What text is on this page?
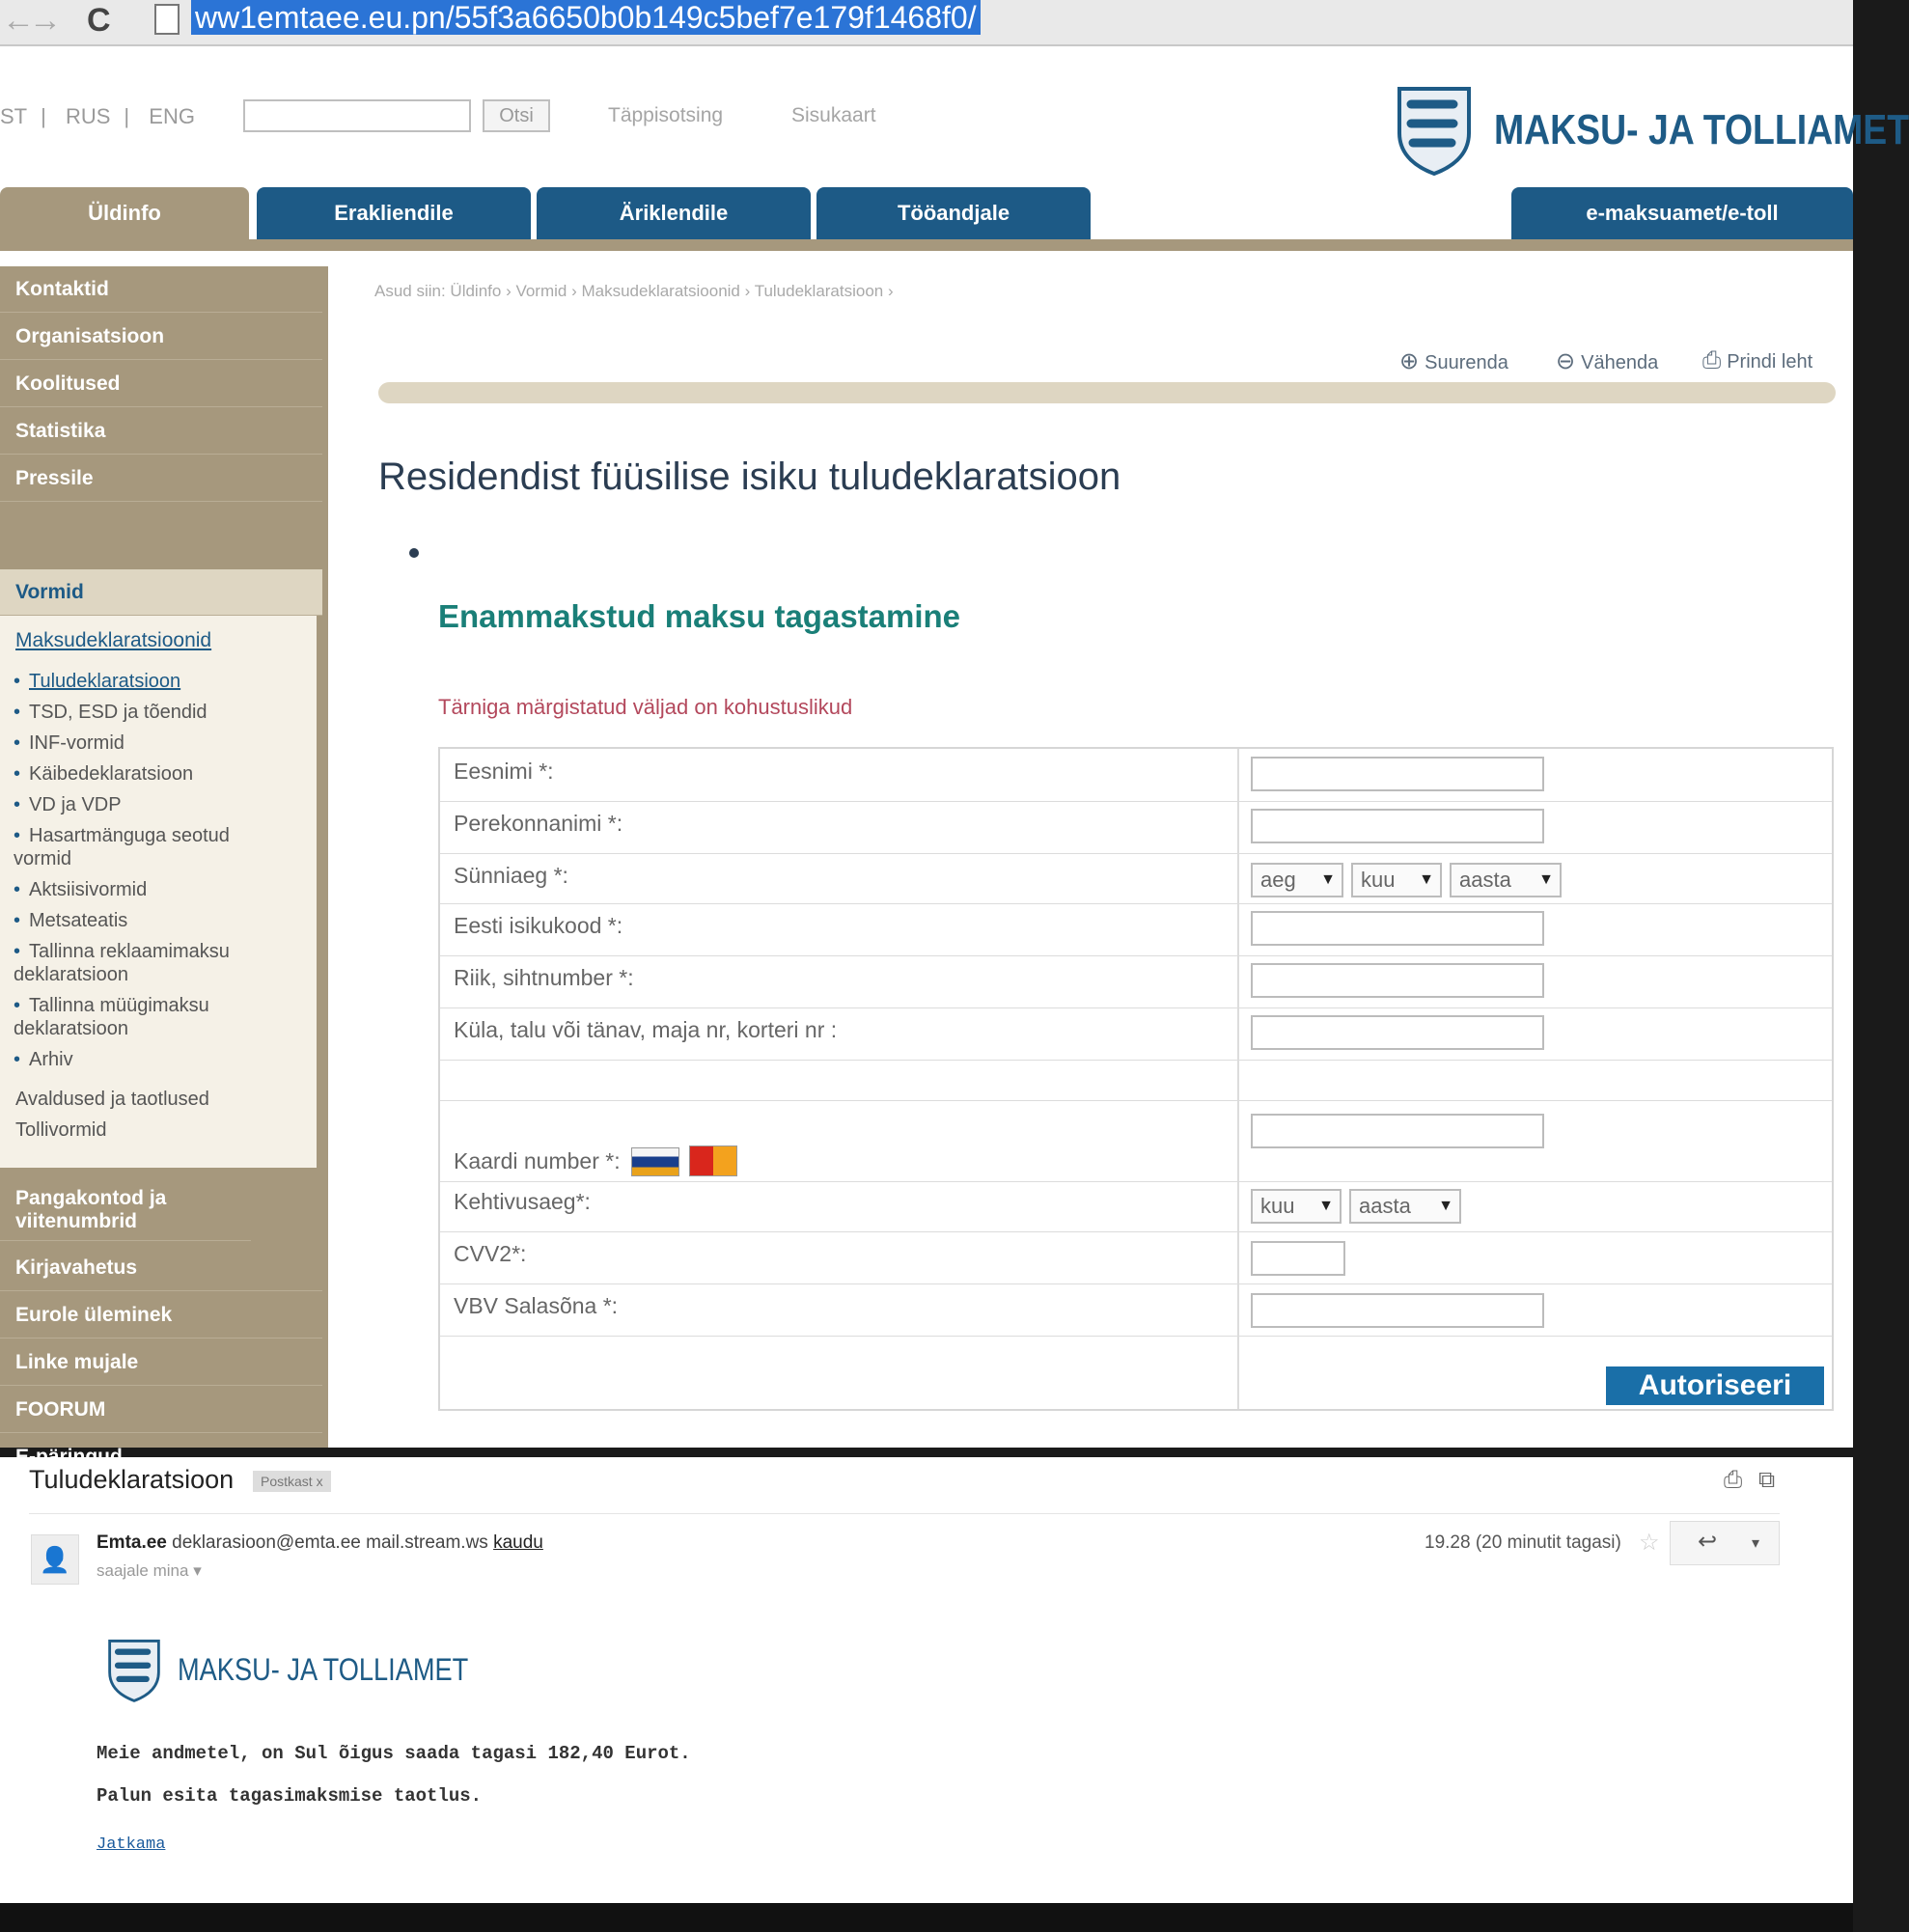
←
→ C	ww1emtaee.eu.pn/55f3a6650b0b149c5bef7e179f1468f0/
ST | RUS | ENG	Otsi	Täppisotsing	Sisukaart	MAKSU- JA TOLLIAMET
Üldinfo	Erakliendile	Äriklendile	Tööandjale	e-maksuamet/e-toll
Kontaktid
Organisatsioon
Koolitused
Statistika
Pressile
Vormid
Maksudeklaratsioonid
• Tuludeklaratsioon
• TSD, ESD ja tõendid
• INF-vormid
• Käibedeklaratsioon
• VD ja VDP
• Hasartmänguga seotud vormid
• Aktsiisivormid
• Metsateatis
• Tallinna reklaamimaksu deklaratsioon
• Tallinna müügimaksu deklaratsioon
• Arhiv
Avaldused ja taotlused
Tollivormid
Pangakontod ja viitenumbrid
Kirjavahetus
Eurole üleminek
Linke mujale
FOORUM
Asud siin: Üldinfo › Vormid › Maksudeklaratsioonid › Tuludeklaratsioon ›
⊕ Suurenda ⊖ Vähenda ⎙ Prindi leht
Residendist füüsilise isiku tuludeklaratsioon
Enammakstud maksu tagastamine
Tärniga märgistatud väljad on kohustuslikud
Eesnimi *:
Perekonnanimi *:
Sünniaeg *:	aeg ▼	kuu ▼	aasta ▼
Eesti isikukood *:
Riik, sihtnumber *:
Küla, talu või tänav, maja nr, korteri nr :
Kaardi number *:
Kehtivusaeg*:	kuu ▼	aasta ▼
CVV2*:
VBV Salasõna *:
Autoriseeri
Tuludeklaratsioon	Postkast x	⎙ ⧉
👤
Emta.ee deklarasioon@emta.ee mail.stream.ws kaudu
saajale mina ▾
19.28 (20 minutit tagasi) ☆ ↩ ▾
MAKSU- JA TOLLIAMET
Meie andmetel, on Sul õigus saada tagasi 182,40 Eurot.
Palun esita tagasimaksmise taotlus.
Jatkama
